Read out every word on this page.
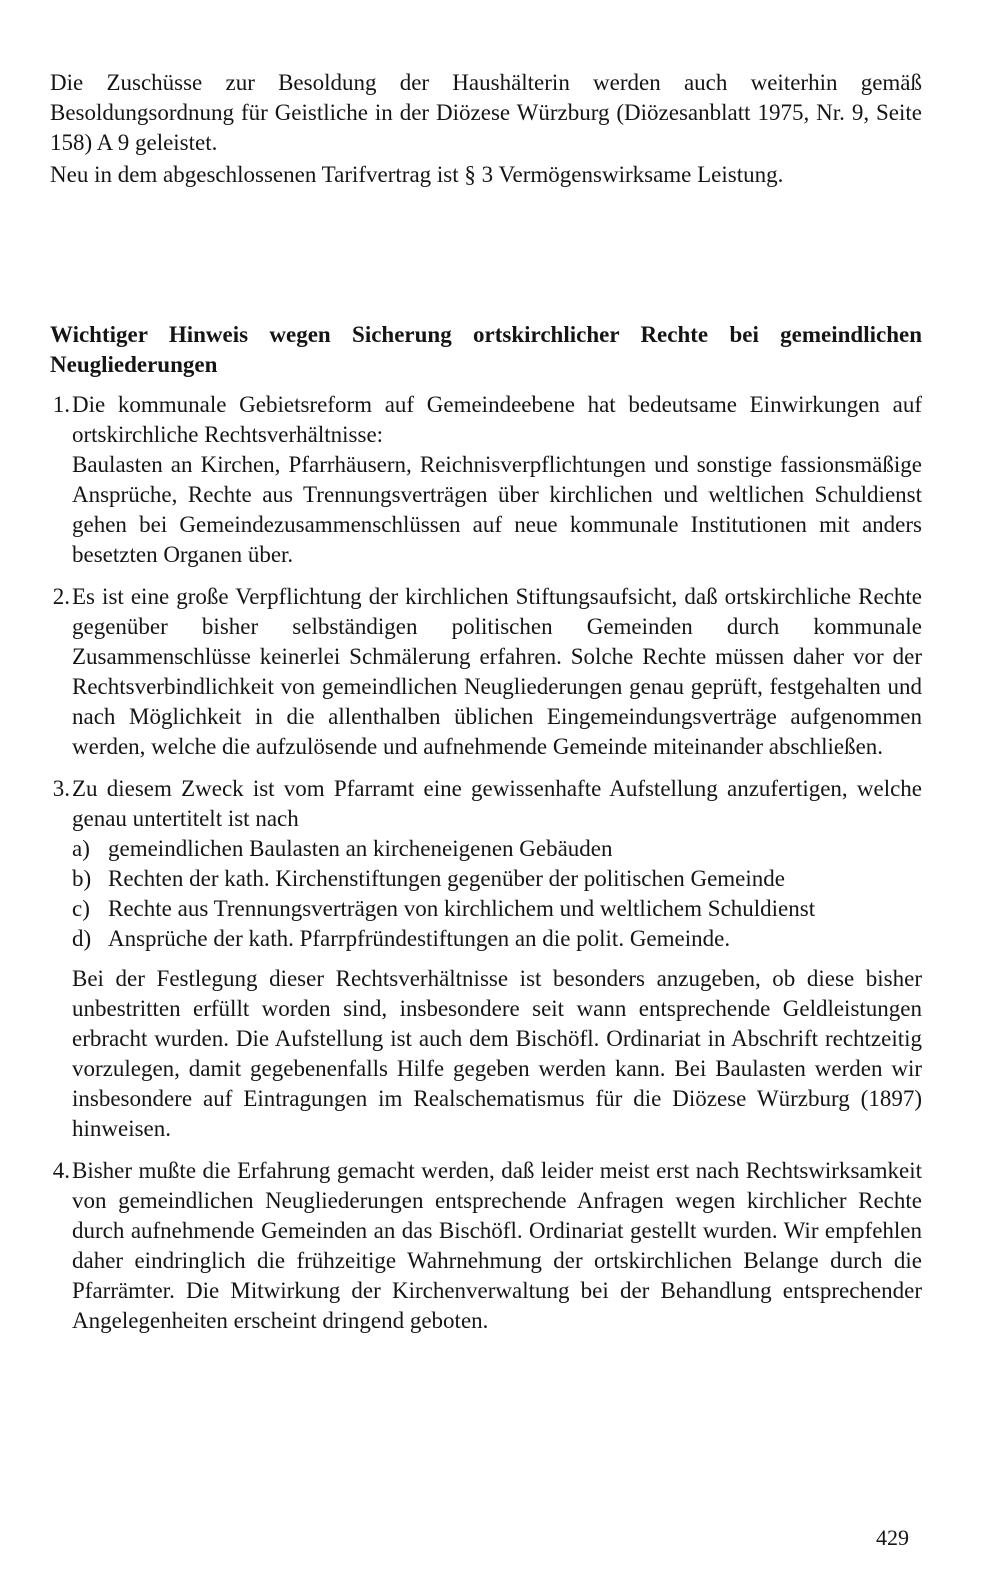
Die Zuschüsse zur Besoldung der Haushälterin werden auch weiterhin gemäß Besoldungsordnung für Geistliche in der Diözese Würzburg (Diözesanblatt 1975, Nr. 9, Seite 158) A 9 geleistet.

Neu in dem abgeschlossenen Tarifvertrag ist § 3 Vermögenswirksame Leistung.

Wichtiger Hinweis wegen Sicherung ortskirchlicher Rechte bei gemeindlichen Neugliederungen

1. Die kommunale Gebietsreform auf Gemeindeebene hat bedeutsame Einwirkungen auf ortskirchliche Rechtsverhältnisse:
Baulasten an Kirchen, Pfarrhäusern, Reichnisverpflichtungen und sonstige fassionsmäßige Ansprüche, Rechte aus Trennungsverträgen über kirchlichen und weltlichen Schuldienst gehen bei Gemeindezusammenschlüssen auf neue kommunale Institutionen mit anders besetzten Organen über.
2. Es ist eine große Verpflichtung der kirchlichen Stiftungsaufsicht, daß ortskirchliche Rechte gegenüber bisher selbständigen politischen Gemeinden durch kommunale Zusammenschlüsse keinerlei Schmälerung erfahren. Solche Rechte müssen daher vor der Rechtsverbindlichkeit von gemeindlichen Neugliederungen genau geprüft, festgehalten und nach Möglichkeit in die allenthalben üblichen Eingemeindungsverträge aufgenommen werden, welche die aufzulösende und aufnehmende Gemeinde miteinander abschließen.
3. Zu diesem Zweck ist vom Pfarramt eine gewissenhafte Aufstellung anzufertigen, welche genau untertitelt ist nach
a) gemeindlichen Baulasten an kircheneigenen Gebäuden
b) Rechten der kath. Kirchenstiftungen gegenüber der politischen Gemeinde
c) Rechte aus Trennungsverträgen von kirchlichem und weltlichem Schuldienst
d) Ansprüche der kath. Pfarrpfründestiftungen an die polit. Gemeinde.
Bei der Festlegung dieser Rechtsverhältnisse ist besonders anzugeben, ob diese bisher unbestritten erfüllt worden sind, insbesondere seit wann entsprechende Geldleistungen erbracht wurden. Die Aufstellung ist auch dem Bischöfl. Ordinariat in Abschrift rechtzeitig vorzulegen, damit gegebenenfalls Hilfe gegeben werden kann. Bei Baulasten werden wir insbesondere auf Eintragungen im Realschematismus für die Diözese Würzburg (1897) hinweisen.
4. Bisher mußte die Erfahrung gemacht werden, daß leider meist erst nach Rechtswirksamkeit von gemeindlichen Neugliederungen entsprechende Anfragen wegen kirchlicher Rechte durch aufnehmende Gemeinden an das Bischöfl. Ordinariat gestellt wurden. Wir empfehlen daher eindringlich die frühzeitige Wahrnehmung der ortskirchlichen Belange durch die Pfarrämter. Die Mitwirkung der Kirchenverwaltung bei der Behandlung entsprechender Angelegenheiten erscheint dringend geboten.
429
